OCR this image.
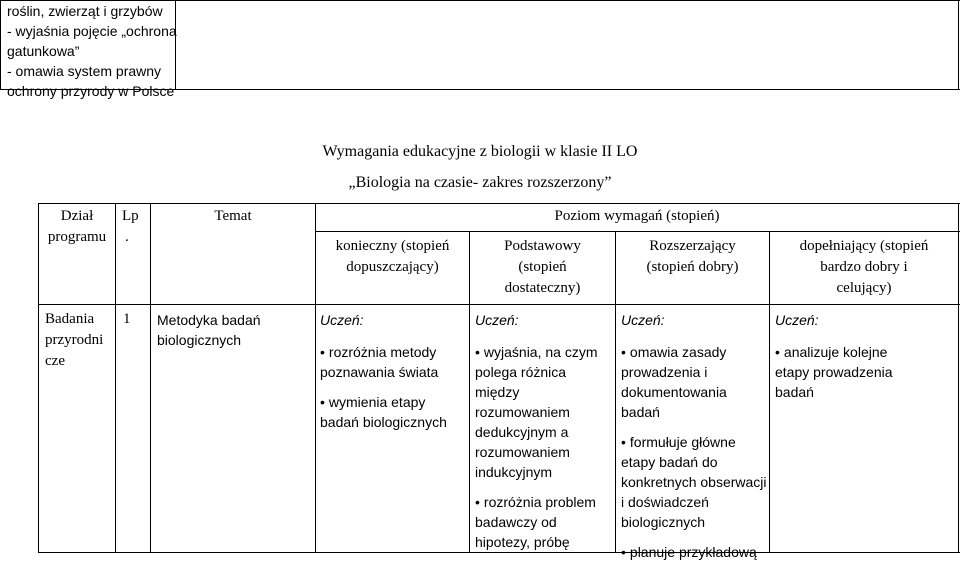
roślin, zwierząt i grzybów
- wyjaśnia pojęcie „ochrona
gatunkowa”
- omawia system prawny
ochrony przyrody w Polsce
Wymagania edukacyjne z biologii w klasie II LO
„Biologia na czasie- zakres rozszerzony”
Dział
programu
Lp
.
Temat	Poziom wymagań (stopień)
konieczny (stopień
dopuszczający)
Podstawowy
(stopień
dostateczny)
Rozszerzający
(stopień dobry)
dopełniający (stopień
bardzo dobry i
celujący)
Badania
przyrodni
cze
1 Metodyka badań
biologicznych
Uczeń:
• rozróżnia metody
poznawania świata
• wymienia etapy
badań biologicznych
Uczeń:
• wyjaśnia, na czym
polega różnica
między
rozumowaniem
dedukcyjnym a
rozumowaniem
indukcyjnym
• rozróżnia problem
badawczy od
hipotezy, próbę
Uczeń:
• omawia zasady
prowadzenia i
dokumentowania badań
• formułuje główne
etapy badań do
konkretnych obserwacji
i doświadczeń
biologicznych
• planuje przykładową
Uczeń:
• analizuje kolejne
etapy prowadzenia
badań
